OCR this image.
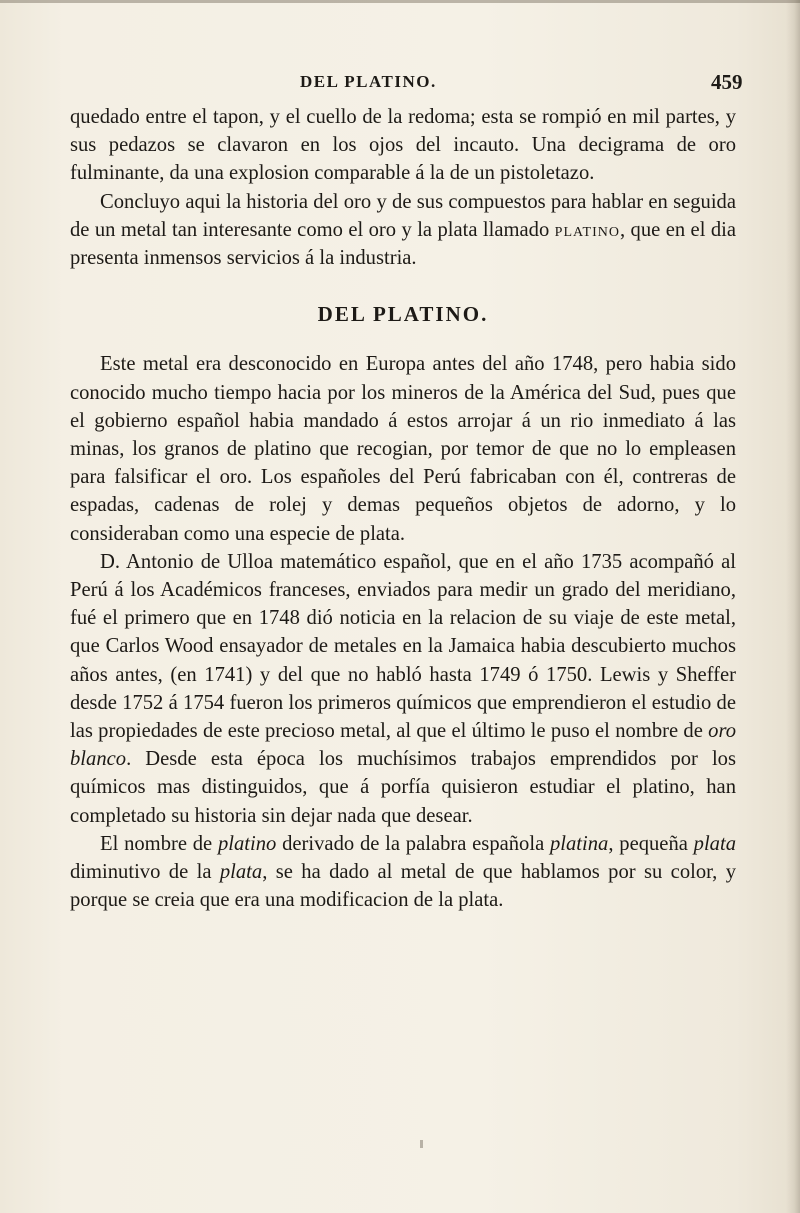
DEL PLATINO.	459

quedado entre el tapon, y el cuello de la redoma; esta se rompió en mil partes, y sus pedazos se clavaron en los ojos del incauto. Una decigrama de oro fulminante, da una explosion comparable á la de un pistoletazo.

Concluyo aqui la historia del oro y de sus compuestos para hablar en seguida de un metal tan interesante como el oro y la plata llamado platino, que en el dia presenta inmensos servicios á la industria.

DEL PLATINO.

Este metal era desconocido en Europa antes del año 1748, pero habia sido conocido mucho tiempo hacia por los mineros de la América del Sud, pues que el gobierno español habia mandado á estos arrojar á un rio inmediato á las minas, los granos de platino que recogian, por temor de que no lo empleasen para falsificar el oro. Los españoles del Perú fabricaban con él, contreras de espadas, cadenas de rolej y demas pequeños objetos de adorno, y lo consideraban como una especie de plata.

D. Antonio de Ulloa matemático español, que en el año 1735 acompañó al Perú á los Académicos franceses, enviados para medir un grado del meridiano, fué el primero que en 1748 dió noticia en la relacion de su viaje de este metal, que Carlos Wood ensayador de metales en la Jamaica habia descubierto muchos años antes, (en 1741) y del que no habló hasta 1749 ó 1750. Lewis y Sheffer desde 1752 á 1754 fueron los primeros químicos que emprendieron el estudio de las propiedades de este precioso metal, al que el último le puso el nombre de oro blanco. Desde esta época los muchísimos trabajos emprendidos por los químicos mas distinguidos, que á porfía quisieron estudiar el platino, han completado su historia sin dejar nada que desear.

El nombre de platino derivado de la palabra española platina, pequeña plata diminutivo de la plata, se ha dado al metal de que hablamos por su color, y porque se creia que era una modificacion de la plata.
